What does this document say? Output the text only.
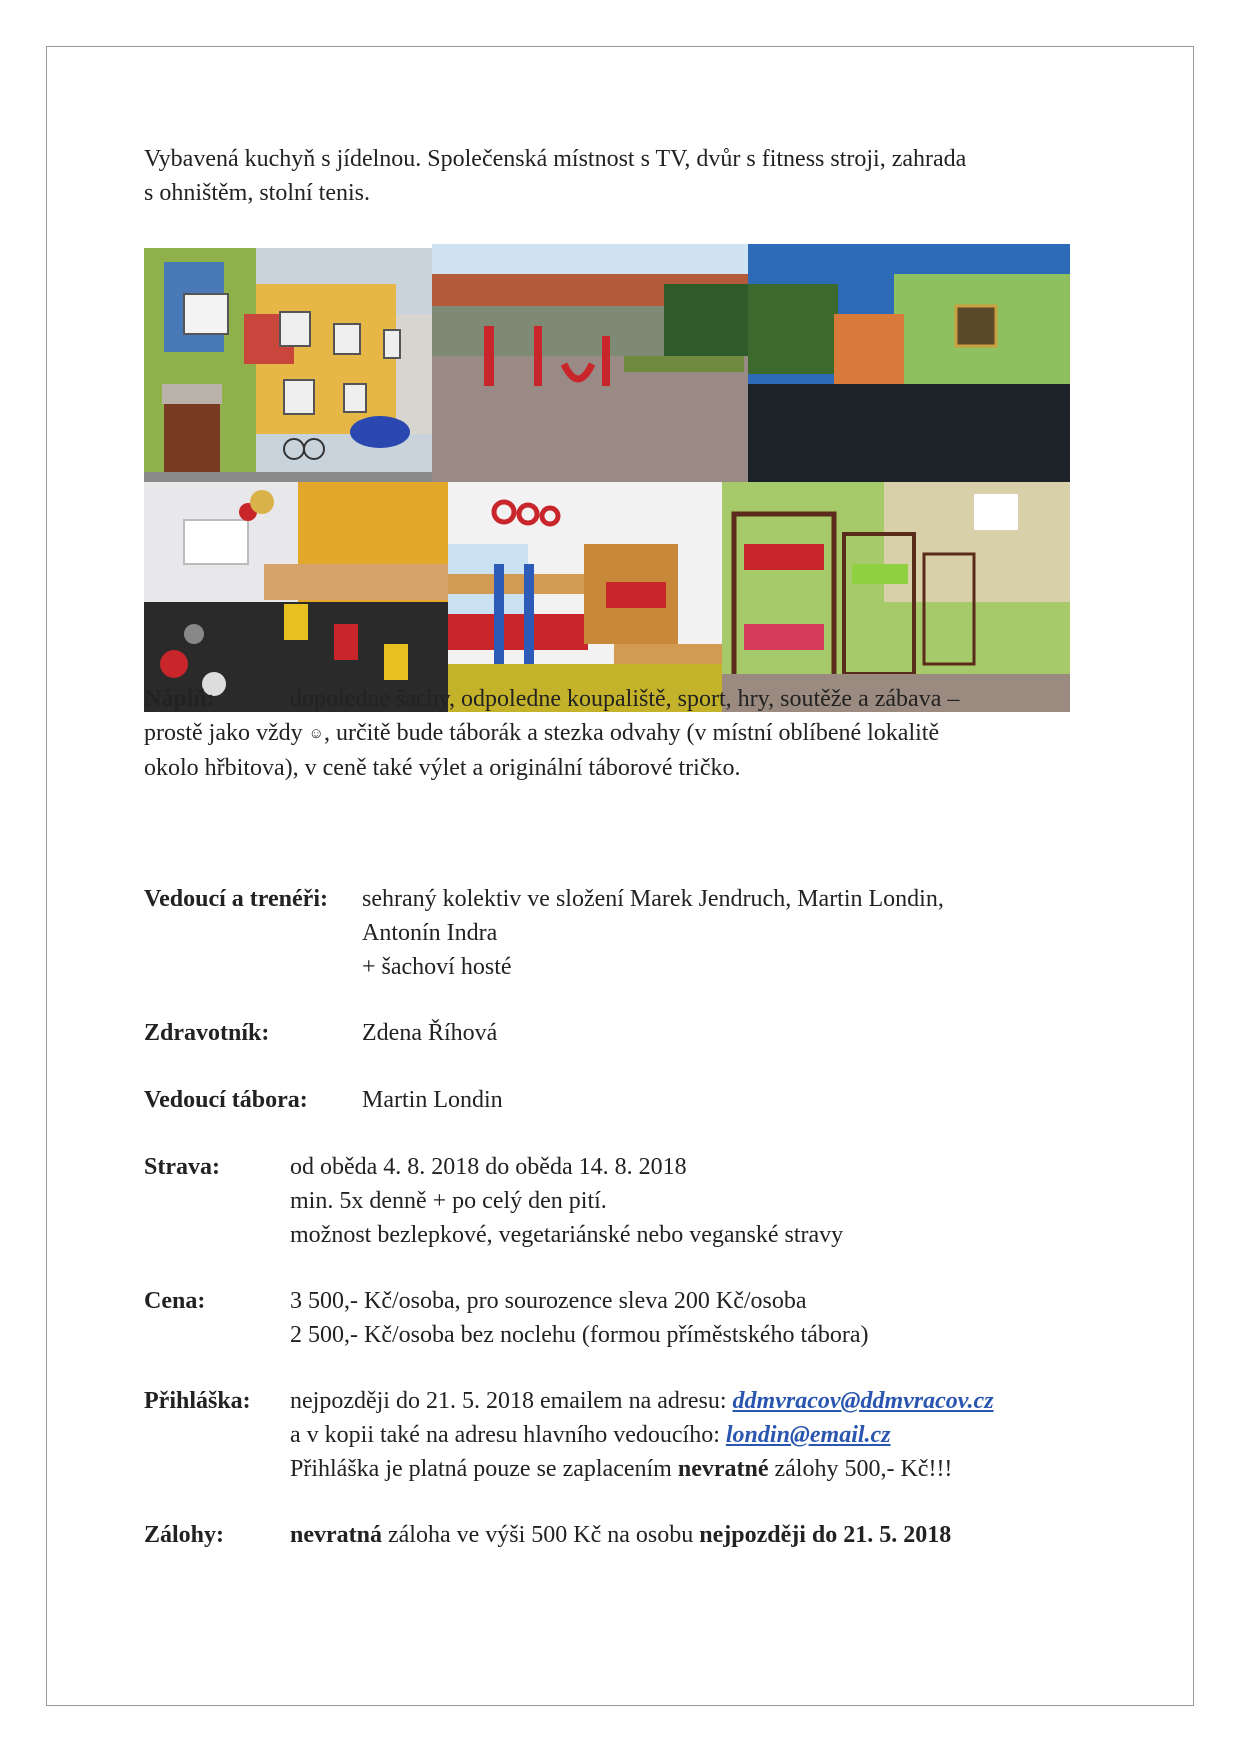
Vybavená kuchyň s jídelnou. Společenská místnost s TV, dvůr s fitness stroji, zahrada
s ohništěm, stolní tenis.
Náplň:	dopoledne šachy, odpoledne koupaliště, sport, hry, soutěže a zábava –
prostě jako vždy ☺, určitě bude táborák a stezka odvahy (v místní oblíbené lokalitě
okolo hřbitova), v ceně také výlet a originální táborové tričko.
Vedoucí a trenéři: sehraný kolektiv ve složení Marek Jendruch, Martin Londin,
Antonín Indra
+ šachoví hosté
Zdravotník:	Zdena Říhová
Vedoucí tábora: Martin Londin
Strava:	od oběda 4. 8. 2018 do oběda 14. 8. 2018
min. 5x denně + po celý den pití.
možnost bezlepkové, vegetariánské nebo veganské stravy
Cena:	3 500,- Kč/osoba, pro sourozence sleva 200 Kč/osoba
2 500,- Kč/osoba bez noclehu (formou příměstského tábora)
Přihláška: nejpozději do 21. 5. 2018 emailem na adresu: ddmvracov@ddmvracov.cz
a v kopii také na adresu hlavního vedoucího: londin@email.cz
Přihláška je platná pouze se zaplacením nevratné zálohy 500,- Kč!!!
Zálohy:	nevratná záloha ve výši 500 Kč na osobu nejpozději do 21. 5. 2018
